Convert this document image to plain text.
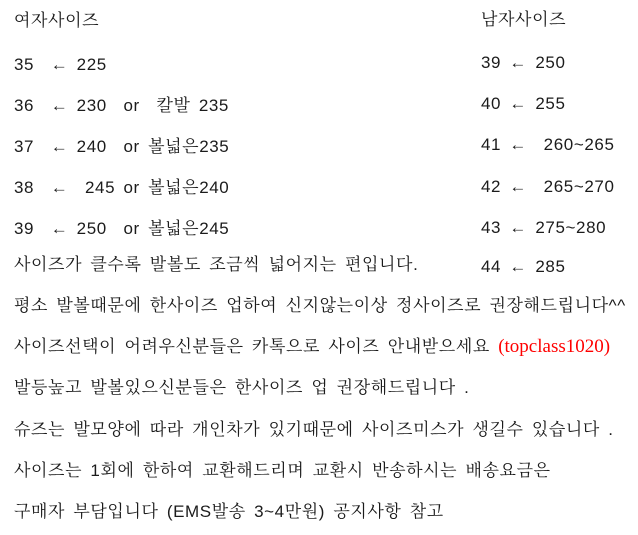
여자사이즈
35  ← 225
36  ← 230  or  칼발 235
37  ← 240  or 볼넓은235
38  ←  245 or 볼넓은240
39  ← 250  or 볼넓은245
남자사이즈
39 ← 250
40 ← 255
41 ←  260~265
42 ←  265~270
43 ← 275~280
44 ← 285
사이즈가 클수록 발볼도 조금씩 넓어지는 편입니다.
평소 발볼때문에 한사이즈 업하여 신지않는이상 정사이즈로 권장해드립니다^^
사이즈선택이 어려우신분들은 카톡으로 사이즈 안내받으세요 (topclass1020)
발등높고 발볼있으신분들은 한사이즈 업 권장해드립니다 .
슈즈는 발모양에 따라 개인차가 있기때문에 사이즈미스가 생길수 있습니다 .
사이즈는 1회에 한하여 교환해드리며 교환시 반송하시는 배송요금은
구매자 부담입니다 (EMS발송 3~4만원) 공지사항 참고
